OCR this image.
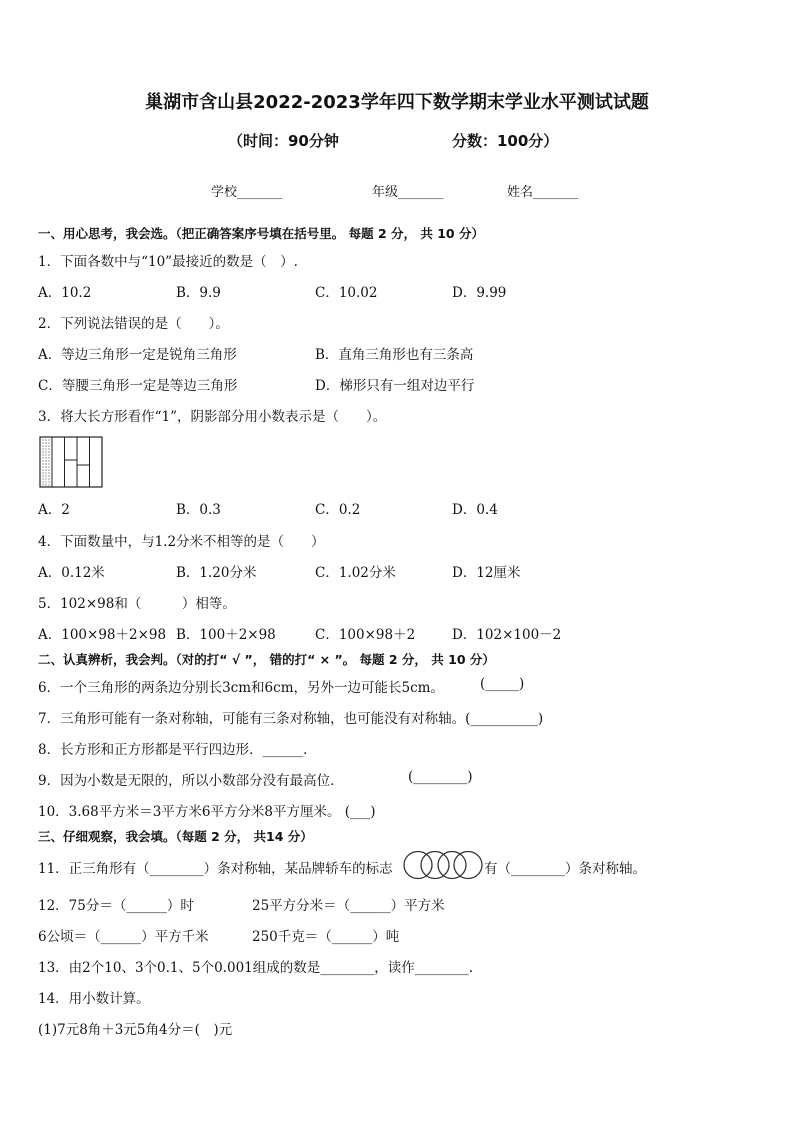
巢湖市含山县2022-2023学年四下数学期末学业水平测试试题
（时间：90分钟	分数：100分）
学校_______	年级_______	姓名_______
一、用心思考，我会选。（把正确答案序号填在括号里。 每题 2 分， 共 10 分）
1．下面各数中与“10”最接近的数是（　）.
A．10.2	B．9.9	C．10.02	D．9.99
2．下列说法错误的是（　　）。
A．等边三角形一定是锐角三角形	B．直角三角形也有三条高
C．等腰三角形一定是等边三角形	D．梯形只有一组对边平行
3．将大长方形看作“1”，阴影部分用小数表示是（　　）。
A．2	B．0.3	C．0.2	D．0.4
4．下面数量中，与1.2分米不相等的是（　　）
A．0.12米	B．1.20分米	C．1.02分米	D．12厘米
5．102×98和（　　　）相等。
A．100×98＋2×98 B．100＋2×98	C．100×98＋2	D．102×100－2
二、认真辨析，我会判。（对的打“ √ ”， 错的打“ × ”。 每题 2 分， 共 10 分）
6．一个三角形的两条边分别长3cm和6cm，另外一边可能长5cm。	(_____)
7．三角形可能有一条对称轴，可能有三条对称轴，也可能没有对称轴。(__________)
8．长方形和正方形都是平行四边形．______．
9．因为小数是无限的，所以小数部分没有最高位．	(________)
10．3.68平方米＝3平方米6平方分米8平方厘米。 (___)
三、仔细观察，我会填。（每题 2 分， 共14 分）
11．正三角形有（________）条对称轴，某品牌轿车的标志	有（________）条对称轴。
12．75分＝（______）时	25平方分米＝（______）平方米
6公顷＝（______）平方千米	250千克＝（______）吨
13．由2个10、3个0.1、5个0.001组成的数是________，读作________.
14．用小数计算。
(1)7元8角＋3元5角4分＝(　)元
